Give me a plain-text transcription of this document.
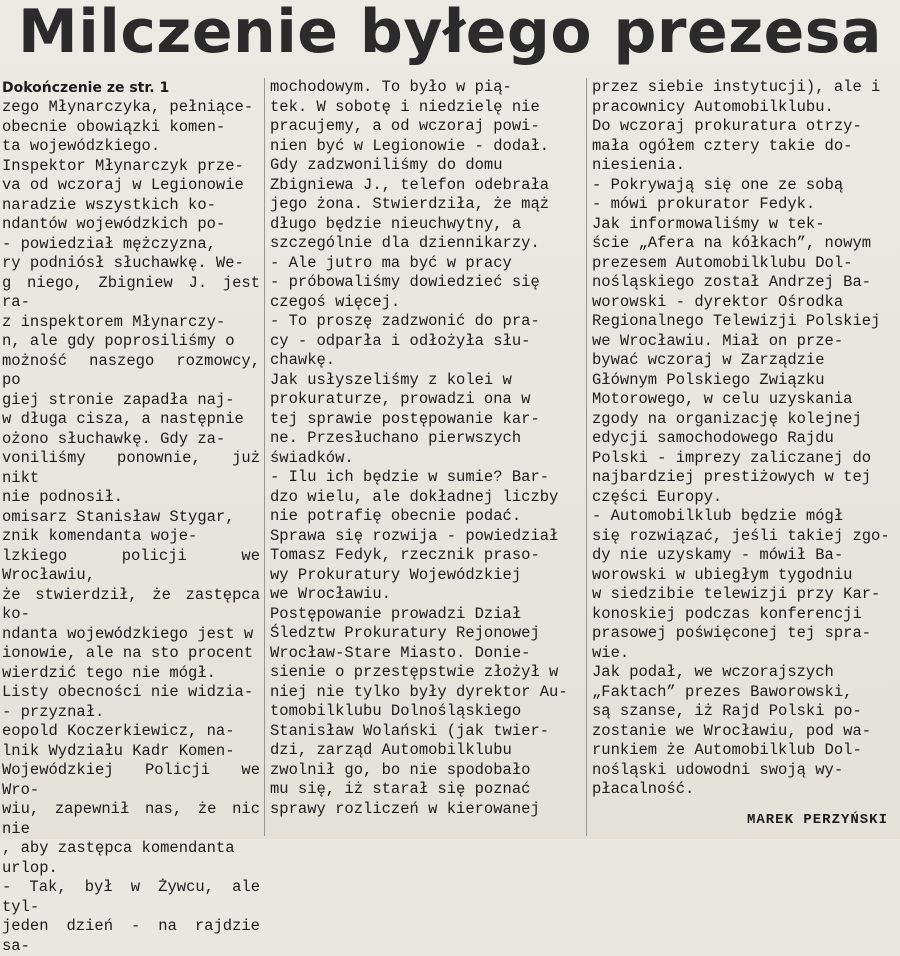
Milczenie byłego prezesa

Dokończenie ze str. 1

zego Młynarczyka, pełniące-
obecnie obowiązki komen-
ta wojewódzkiego.
Inspektor Młynarczyk prze-
va od wczoraj w Legionowie
naradzie wszystkich ko-
ndantów wojewódzkich po-
- powiedział mężczyzna,
ry podniósł słuchawkę. We-
g niego, Zbigniew J. jest ra-
z inspektorem Młynarczy-
n, ale gdy poprosiliśmy o
możność naszego rozmowcy, po
giej stronie zapadła naj-
w długa cisza, a następnie
ożono słuchawkę. Gdy za-
voniliśmy ponownie, już nikt
nie podnosił.
omisarz Stanisław Stygar,
znik komendanta woje-
lzkiego policji we Wrocławiu,
że stwierdził, że zastępca ko-
ndanta wojewódzkiego jest w
ionowie, ale na sto procent
wierdzić tego nie mógł.
Listy obecności nie widzia-
- przyznał.
eopold Koczerkiewicz, na-
lnik Wydziału Kadr Komen-
Wojewódzkiej Policji we Wro-
wiu, zapewnił nas, że nic nie
, aby zastępca komendanta
urlop.
- Tak, był w Żywcu, ale tyl-
jeden dzień - na rajdzie sa-

mochodowym. To było w pią-
tek. W sobotę i niedzielę nie
pracujemy, a od wczoraj powi-
nien być w Legionowie - dodał.
Gdy zadzwoniliśmy do domu
Zbigniewa J., telefon odebrała
jego żona. Stwierdziła, że mąż
długo będzie nieuchwytny, a
szczególnie dla dziennikarzy.
- Ale jutro ma być w pracy
- próbowaliśmy dowiedzieć się
czegoś więcej.
- To proszę zadzwonić do pra-
cy - odparła i odłożyła słu-
chawkę.
Jak usłyszeliśmy z kolei w
prokuraturze, prowadzi ona w
tej sprawie postępowanie kar-
ne. Przesłuchano pierwszych
świadków.
- Ilu ich będzie w sumie? Bar-
dzo wielu, ale dokładnej liczby
nie potrafię obecnie podać.
Sprawa się rozwija - powiedział
Tomasz Fedyk, rzecznik praso-
wy Prokuratury Wojewódzkiej
we Wrocławiu.
Postępowanie prowadzi Dział
Śledztw Prokuratury Rejonowej
Wrocław-Stare Miasto. Donie-
sienie o przestępstwie złożył w
niej nie tylko były dyrektor Au-
tomobilklubu Dolnośląskiego
Stanisław Wolański (jak twier-
dzi, zarząd Automobilklubu
zwolnił go, bo nie spodobało
mu się, iż starał się poznać
sprawy rozliczeń w kierowanej

przez siebie instytucji), ale i
pracownicy Automobilklubu.
Do wczoraj prokuratura otrzy-
mała ogółem cztery takie do-
niesienia.
- Pokrywają się one ze sobą
- mówi prokurator Fedyk.
Jak informowaliśmy w tek-
ście „Afera na kółkach”, nowym
prezesem Automobilklubu Dol-
nośląskiego został Andrzej Ba-
worowski - dyrektor Ośrodka
Regionalnego Telewizji Polskiej
we Wrocławiu. Miał on prze-
bywać wczoraj w Zarządzie
Głównym Polskiego Związku
Motorowego, w celu uzyskania
zgody na organizację kolejnej
edycji samochodowego Rajdu
Polski - imprezy zaliczanej do
najbardziej prestiżowych w tej
części Europy.
- Automobilklub będzie mógł
się rozwiązać, jeśli takiej zgo-
dy nie uzyskamy - mówił Ba-
worowski w ubiegłym tygodniu
w siedzibie telewizji przy Kar-
konoskiej podczas konferencji
prasowej poświęconej tej spra-
wie.
Jak podał, we wczorajszych
„Faktach” prezes Baworowski,
są szanse, iż Rajd Polski po-
zostanie we Wrocławiu, pod wa-
runkiem że Automobilklub Dol-
nośląski udowodni swoją wy-
płacalność.

MAREK PERZYŃSKI
